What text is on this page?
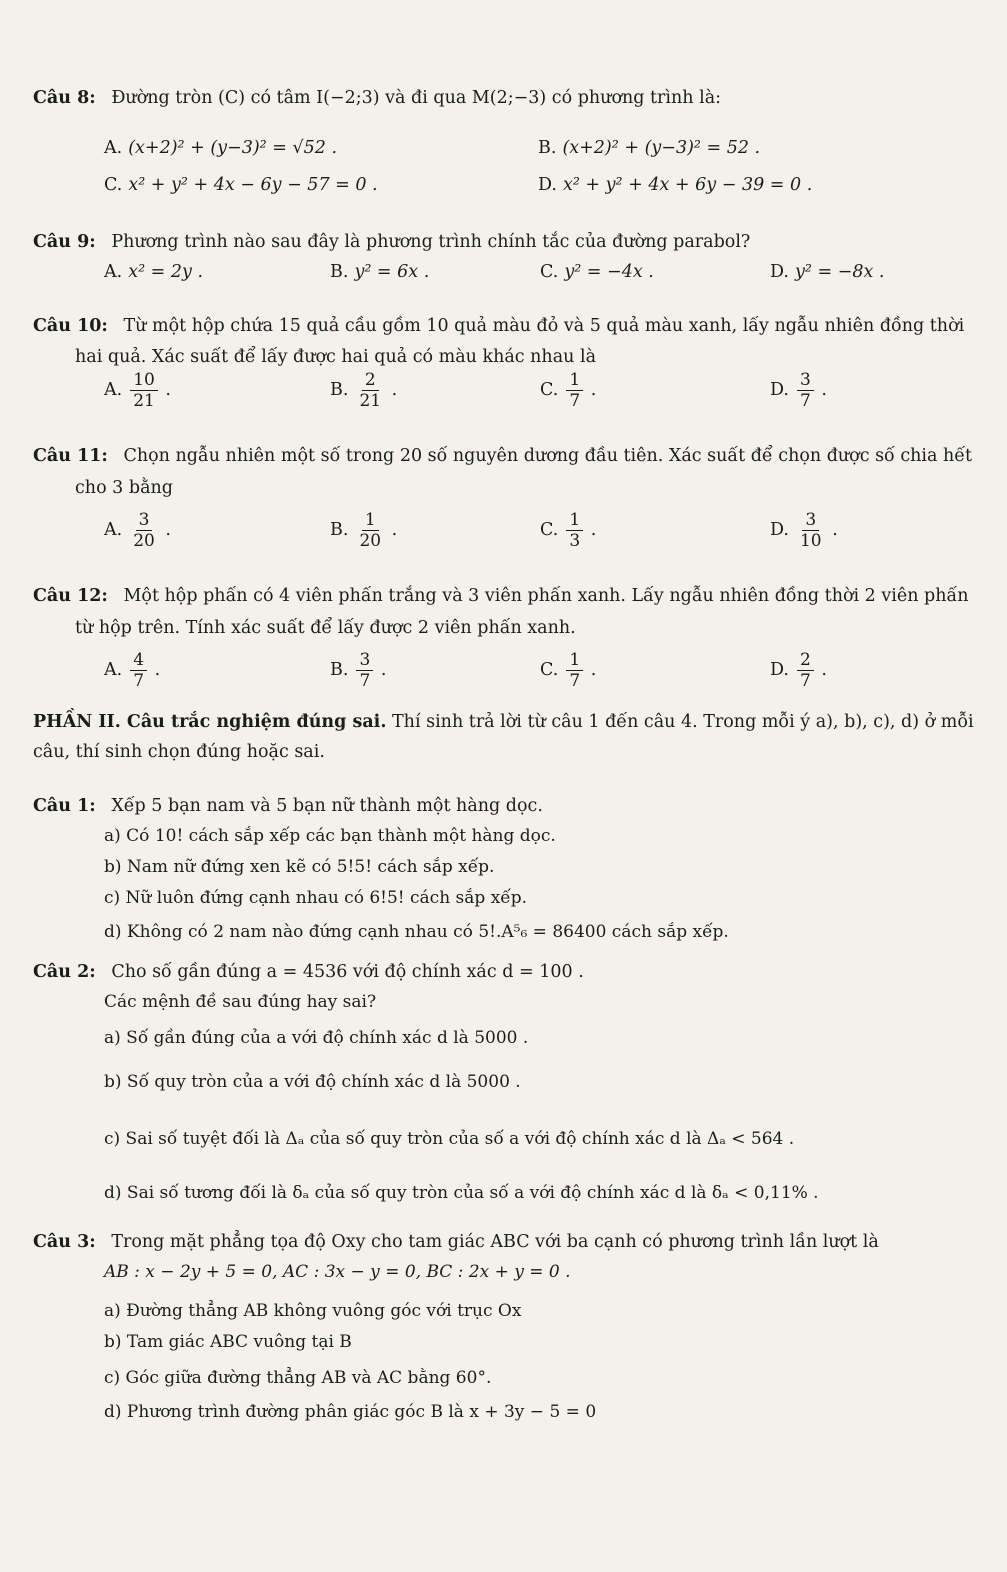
Câu 8: Đường tròn (C) có tâm I(−2;3) và đi qua M(2;−3) có phương trình là:
A. (x+2)² + (y−3)² = √52 .	B. (x+2)² + (y−3)² = 52 .
C. x² + y² + 4x − 6y − 57 = 0 .	D. x² + y² + 4x + 6y − 39 = 0 .
Câu 9: Phương trình nào sau đây là phương trình chính tắc của đường parabol?
A. x² = 2y .	B. y² = 6x .	C. y² = −4x .	D. y² = −8x .
Câu 10: Từ một hộp chứa 15 quả cầu gồm 10 quả màu đỏ và 5 quả màu xanh, lấy ngẫu nhiên đồng thời
hai quả. Xác suất để lấy được hai quả có màu khác nhau là
A. $\frac{10}{21}$ .	B. $\frac{2}{21}$ .	C. $\frac{1}{7}$ .	D. $\frac{3}{7}$ .
Câu 11: Chọn ngẫu nhiên một số trong 20 số nguyên dương đầu tiên. Xác suất để chọn được số chia hết
cho 3 bằng
A. $\frac{3}{20}$ .	B. $\frac{1}{20}$ .	C. $\frac{1}{3}$ .	D. $\frac{3}{10}$ .
Câu 12: Một hộp phấn có 4 viên phấn trắng và 3 viên phấn xanh. Lấy ngẫu nhiên đồng thời 2 viên phấn
từ hộp trên. Tính xác suất để lấy được 2 viên phấn xanh.
A. $\frac{4}{7}$ .	B. $\frac{3}{7}$ .	C. $\frac{1}{7}$ .	D. $\frac{2}{7}$ .
PHẦN II. Câu trắc nghiệm đúng sai. Thí sinh trả lời từ câu 1 đến câu 4. Trong mỗi ý a), b), c), d) ở mỗi
câu, thí sinh chọn đúng hoặc sai.
Câu 1: Xếp 5 bạn nam và 5 bạn nữ thành một hàng dọc.
a) Có 10! cách sắp xếp các bạn thành một hàng dọc.
b) Nam nữ đứng xen kẽ có 5!5! cách sắp xếp.
c) Nữ luôn đứng cạnh nhau có 6!5! cách sắp xếp.
d) Không có 2 nam nào đứng cạnh nhau có 5!.A⁵₆ = 86400 cách sắp xếp.
Câu 2: Cho số gần đúng a = 4536 với độ chính xác d = 100 .
Các mệnh đề sau đúng hay sai?
a) Số gần đúng của a với độ chính xác d là 5000 .
b) Số quy tròn của a với độ chính xác d là 5000 .
c) Sai số tuyệt đối là Δₐ của số quy tròn của số a với độ chính xác d là Δₐ < 564 .
d) Sai số tương đối là δₐ của số quy tròn của số a với độ chính xác d là δₐ < 0,11% .
Câu 3: Trong mặt phẳng tọa độ Oxy cho tam giác ABC với ba cạnh có phương trình lần lượt là
AB : x − 2y + 5 = 0, AC : 3x − y = 0, BC : 2x + y = 0 .
a) Đường thẳng AB không vuông góc với trục Ox
b) Tam giác ABC vuông tại B
c) Góc giữa đường thẳng AB và AC bằng 60°.
d) Phương trình đường phân giác góc B là x + 3y − 5 = 0
